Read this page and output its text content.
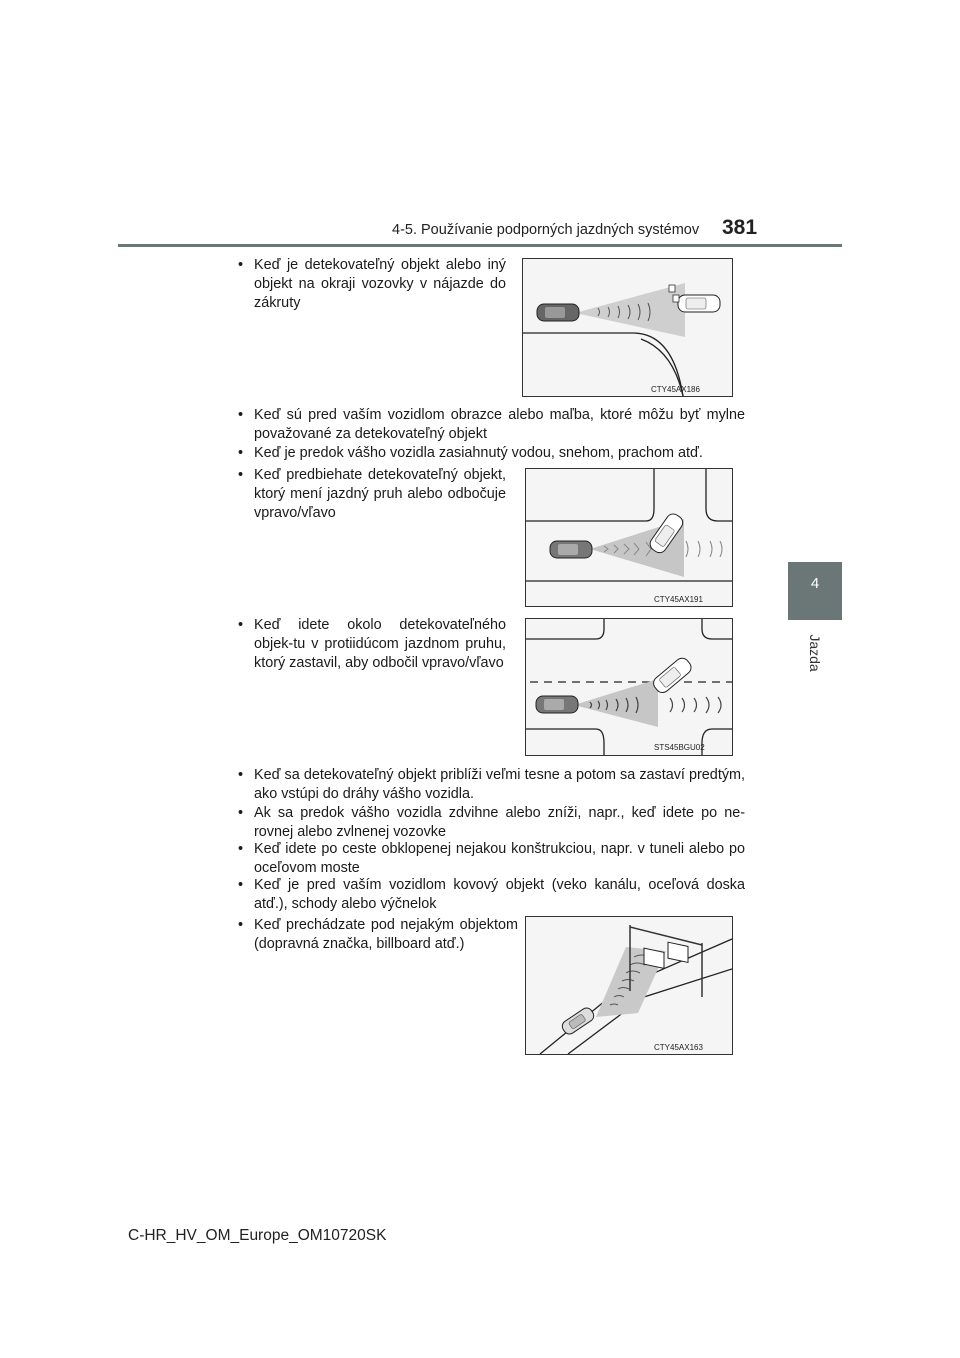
4-5. Používanie podporných jazdných systémov 381
4
Jazda
• Keď je detekovateľný objekt alebo iný objekt na okraji vozovky v nájazde do zákruty
CTY45AX186
• Keď sú pred vaším vozidlom obrazce alebo maľba, ktoré môžu byť mylne považované za detekovateľný objekt
• Keď je predok vášho vozidla zasiahnutý vodou, snehom, prachom atď.
• Keď predbiehate detekovateľný objekt, ktorý mení jazdný pruh alebo odbočuje vpravo/vľavo
CTY45AX191
• Keď idete okolo detekovateľného objek-tu v protiidúcom jazdnom pruhu, ktorý zastavil, aby odbočil vpravo/vľavo
STS45BGU02
• Keď sa detekovateľný objekt priblíži veľmi tesne a potom sa zastaví predtým, ako vstúpi do dráhy vášho vozidla.
• Ak sa predok vášho vozidla zdvihne alebo zníži, napr., keď idete po ne-rovnej alebo zvlnenej vozovke
• Keď idete po ceste obklopenej nejakou konštrukciou, napr. v tuneli alebo po oceľovom moste
• Keď je pred vaším vozidlom kovový objekt (veko kanálu, oceľová doska atď.), schody alebo výčnelok
• Keď prechádzate pod nejakým objektom (dopravná značka, billboard atď.)
CTY45AX163
C-HR_HV_OM_Europe_OM10720SK
